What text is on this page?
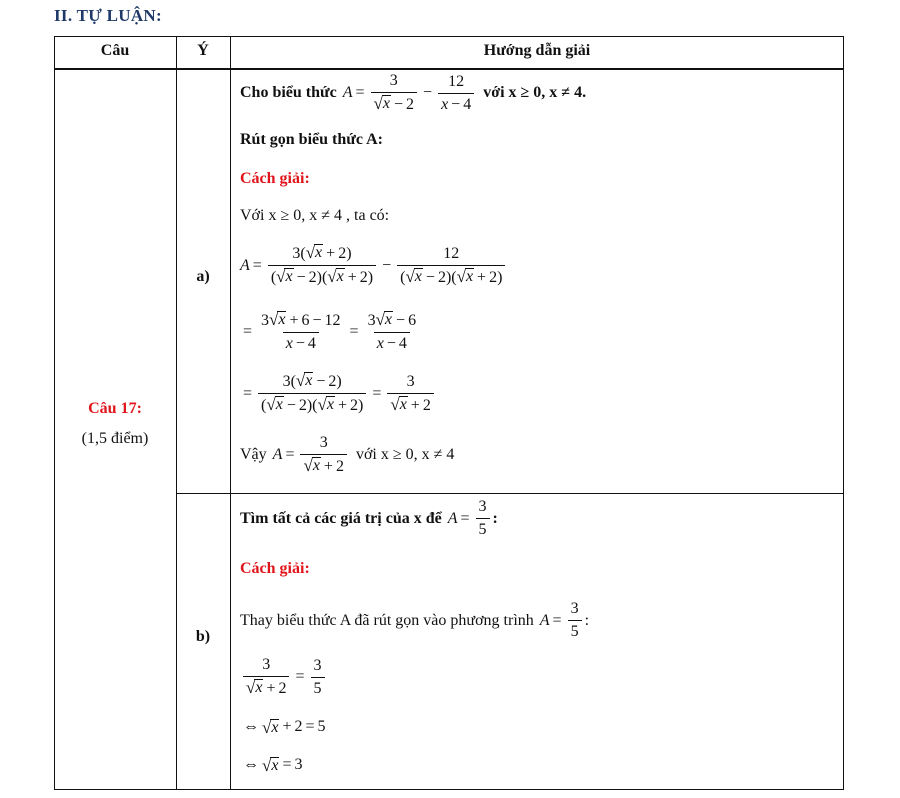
II. TỰ LUẬN:
Câu	Ý	Hướng dẫn giải
Câu 17:
(1,5 điểm)
a)
b)
Cho biểu thức $A = \frac{3}{√ x - 2} - \frac{12}{x - 4}$ với x ≥ 0, x ≠ 4.
Rút gọn biểu thức A:
Cách giải:
Với x ≥ 0, x ≠ 4 , ta có:
$A = \frac{3( √ x + 2)}{( √ x - 2)( √ x + 2)} - \frac{12}{( √ x - 2)( √ x + 2)}$
= $\frac{3 √ x + 6 - 12}{x - 4} = \frac{3 √ x - 6}{x - 4}$
= $\frac{3( √ x - 2)}{( √ x - 2)( √ x + 2)} = \frac{3}{√ x + 2}$
Vậy $A = \frac{3}{√ x + 2}$ với x ≥ 0, x ≠ 4
Tìm tất cả các giá trị của x để $A = \frac{3}{5}$ :
Cách giải:
Thay biểu thức A đã rút gọn vào phương trình $A = \frac{3}{5}$ :
$\frac{3}{√ x + 2} = \frac{3}{5}$
⇔ √ x + 2 = 5
⇔ √ x = 3
